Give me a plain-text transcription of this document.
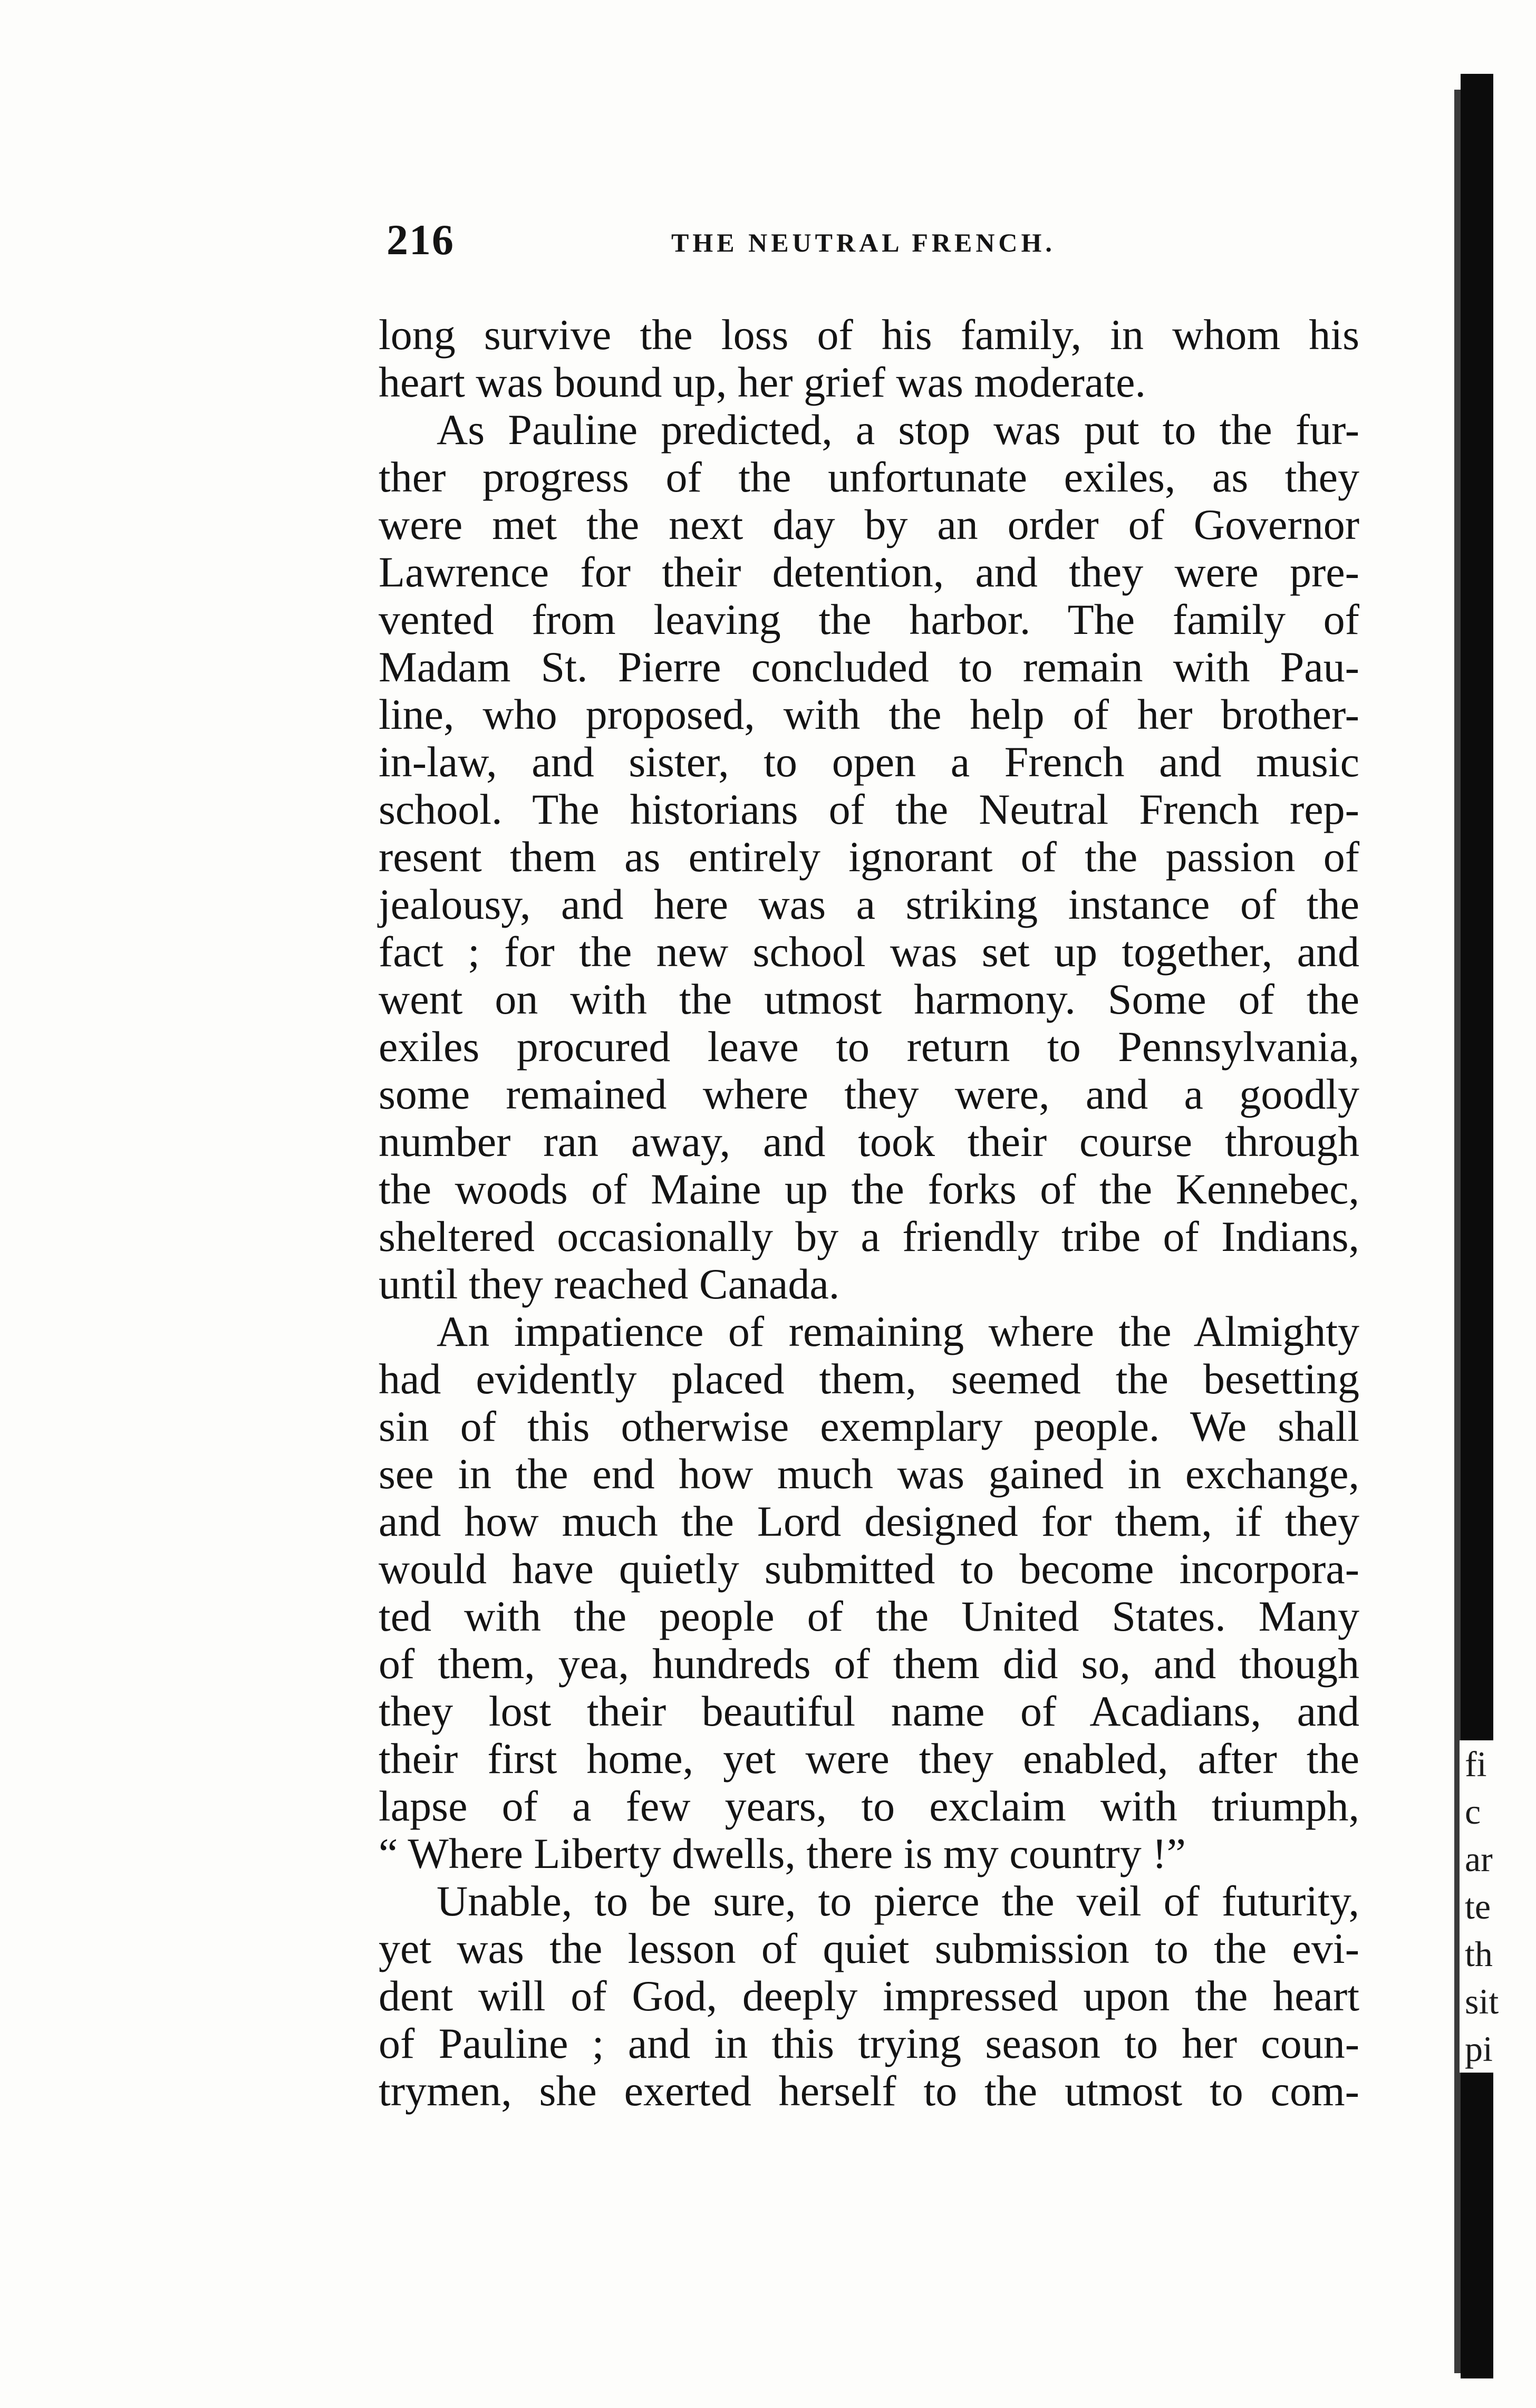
216	THE NEUTRAL FRENCH.
long survive the loss of his family, in whom his
heart was bound up, her grief was moderate.
As Pauline predicted, a stop was put to the fur-
ther progress of the unfortunate exiles, as they
were met the next day by an order of Governor
Lawrence for their detention, and they were pre-
vented from leaving the harbor. The family of
Madam St. Pierre concluded to remain with Pau-
line, who proposed, with the help of her brother-
in-law, and sister, to open a French and music
school. The historians of the Neutral French rep-
resent them as entirely ignorant of the passion of
jealousy, and here was a striking instance of the
fact ; for the new school was set up together, and
went on with the utmost harmony. Some of the
exiles procured leave to return to Pennsylvania,
some remained where they were, and a goodly
number ran away, and took their course through
the woods of Maine up the forks of the Kennebec,
sheltered occasionally by a friendly tribe of Indians,
until they reached Canada.
An impatience of remaining where the Almighty
had evidently placed them, seemed the besetting
sin of this otherwise exemplary people. We shall
see in the end how much was gained in exchange,
and how much the Lord designed for them, if they
would have quietly submitted to become incorpora-
ted with the people of the United States. Many
of them, yea, hundreds of them did so, and though
they lost their beautiful name of Acadians, and
their first home, yet were they enabled, after the
lapse of a few years, to exclaim with triumph,
“ Where Liberty dwells, there is my country !”
Unable, to be sure, to pierce the veil of futurity,
yet was the lesson of quiet submission to the evi-
dent will of God, deeply impressed upon the heart
of Pauline ; and in this trying season to her coun-
trymen, she exerted herself to the utmost to com-
fi
c
ar
te
th
sit
pi
